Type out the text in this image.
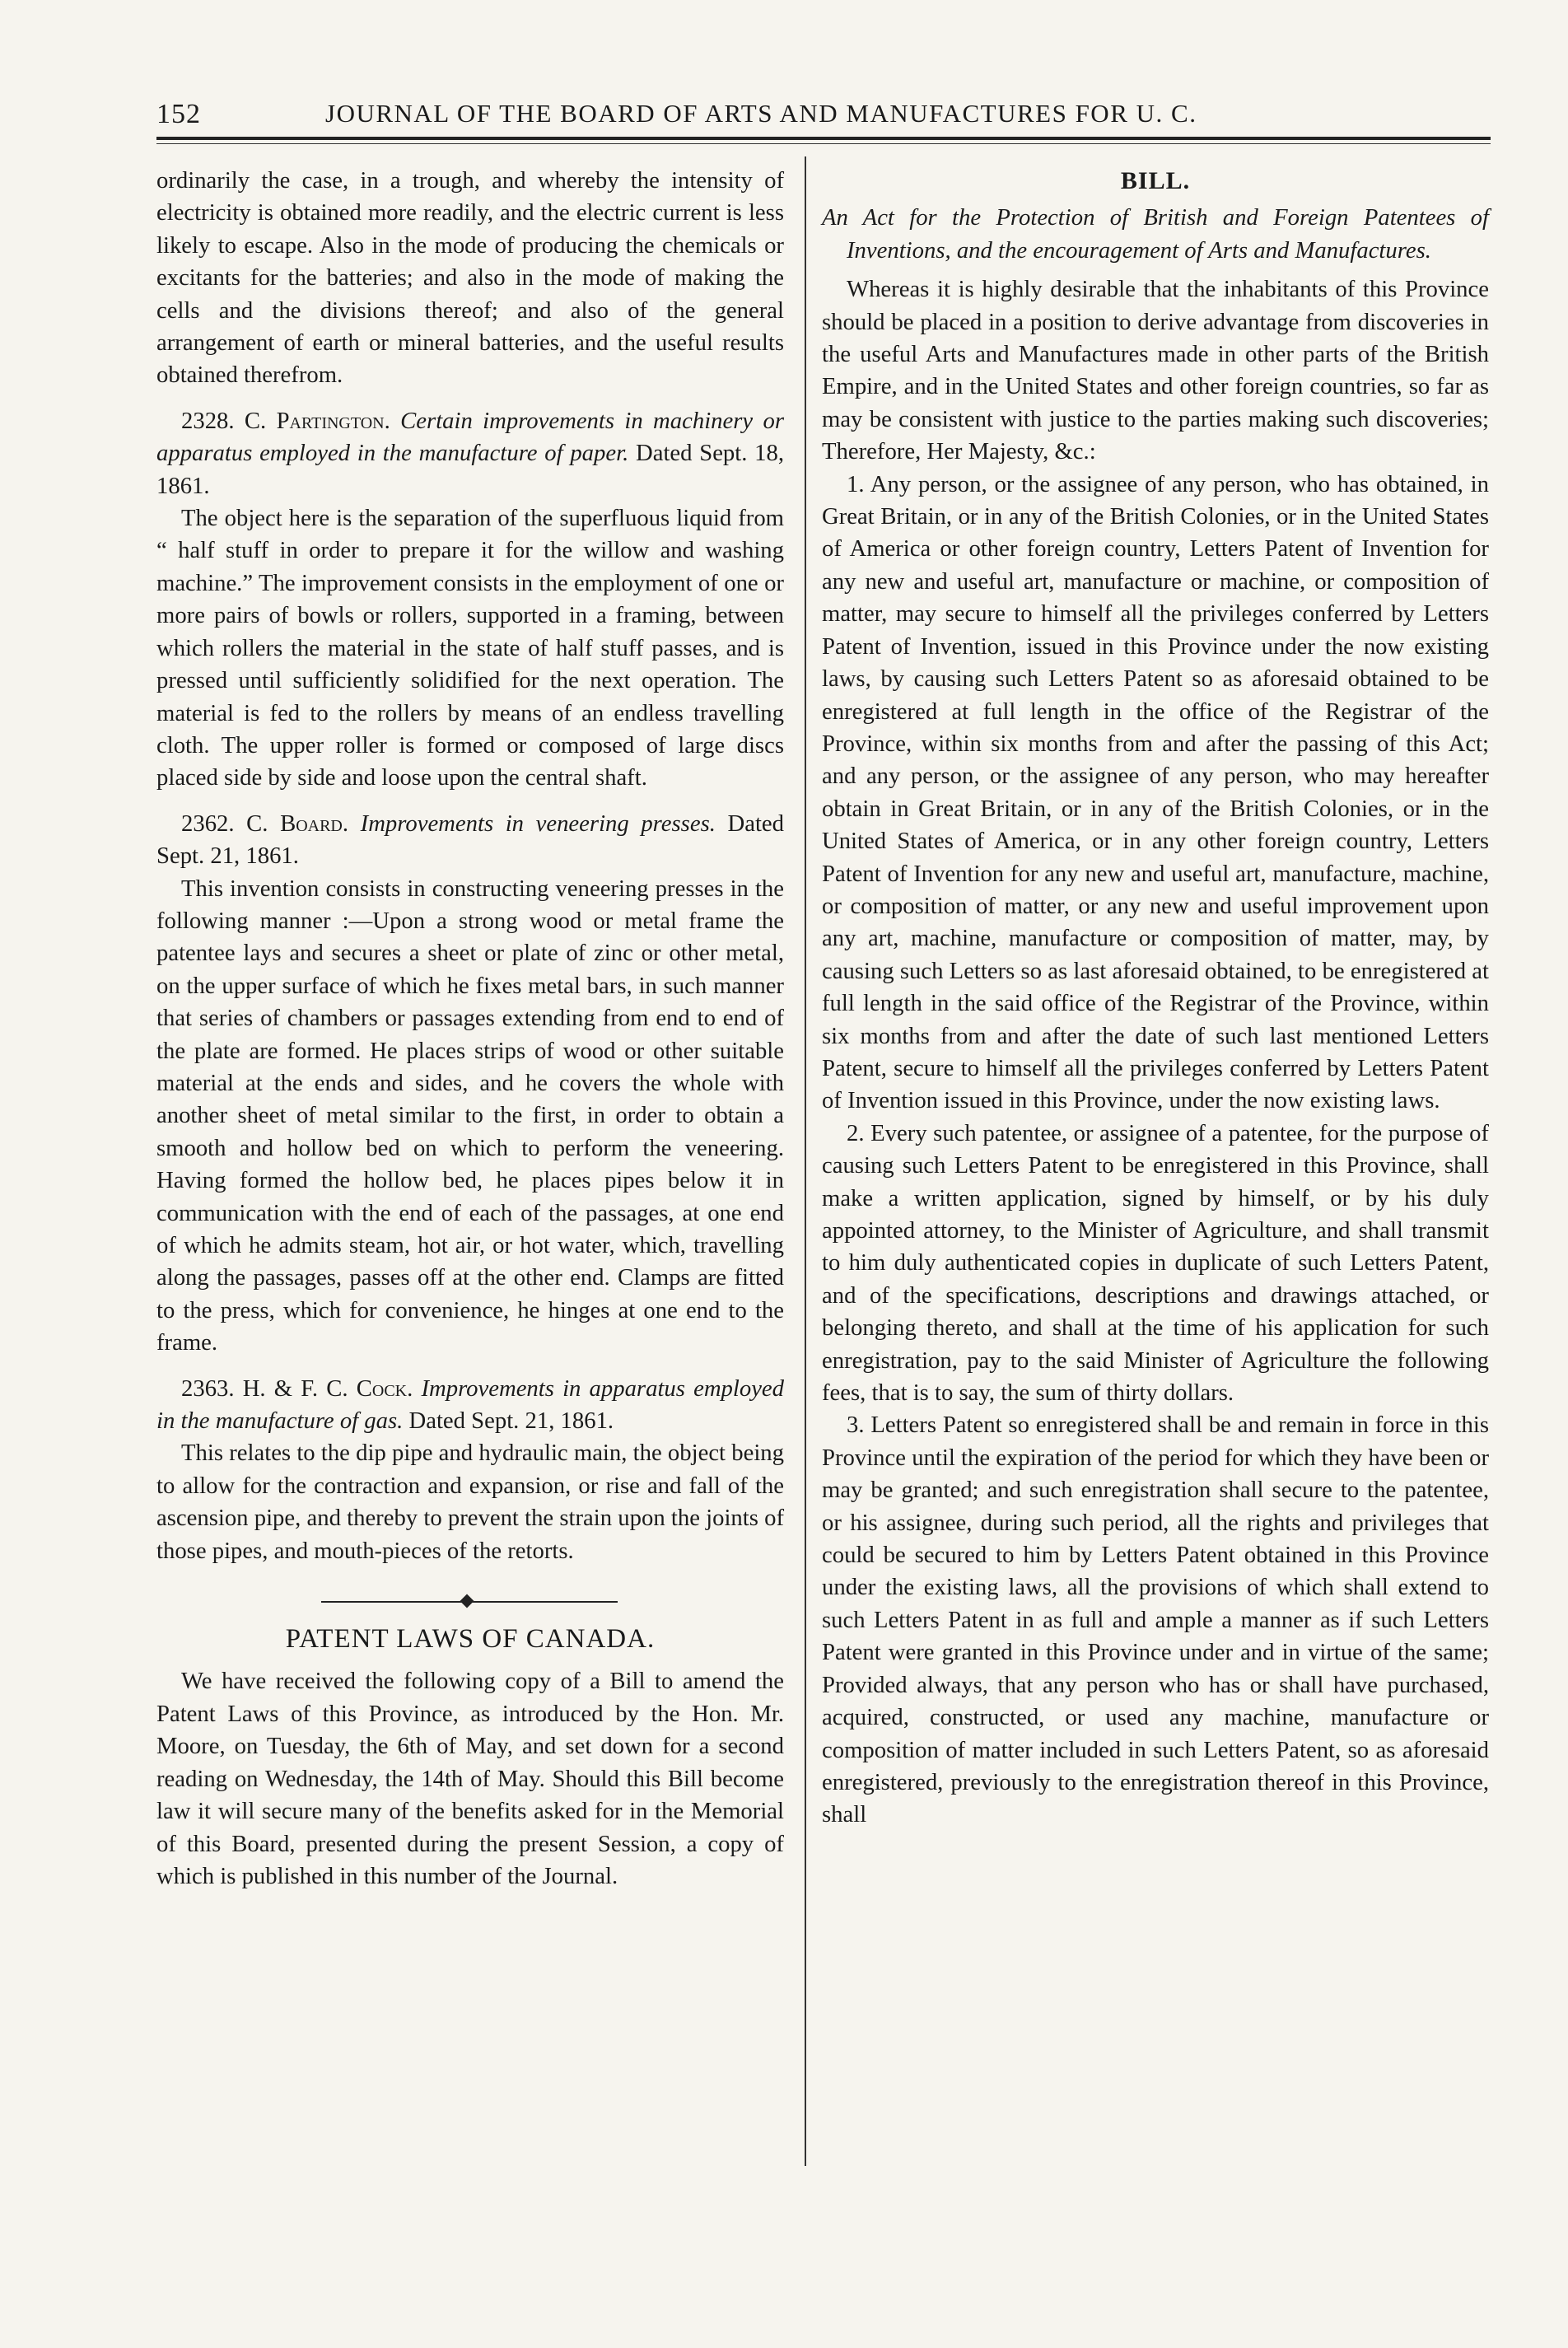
152	JOURNAL OF THE BOARD OF ARTS AND MANUFACTURES FOR U. C.

ordinarily the case, in a trough, and whereby the intensity of electricity is obtained more readily, and the electric current is less likely to escape. Also in the mode of producing the chemicals or excitants for the batteries; and also in the mode of making the cells and the divisions thereof; and also of the general arrangement of earth or mineral batteries, and the useful results obtained therefrom.

2328. C. Partington. Certain improvements in machinery or apparatus employed in the manufacture of paper. Dated Sept. 18, 1861.

The object here is the separation of the superfluous liquid from “ half stuff in order to prepare it for the willow and washing machine.” The improvement consists in the employment of one or more pairs of bowls or rollers, supported in a framing, between which rollers the material in the state of half stuff passes, and is pressed until sufficiently solidified for the next operation. The material is fed to the rollers by means of an endless travelling cloth. The upper roller is formed or composed of large discs placed side by side and loose upon the central shaft.

2362. C. Board. Improvements in veneering presses. Dated Sept. 21, 1861.

This invention consists in constructing veneering presses in the following manner :—Upon a strong wood or metal frame the patentee lays and secures a sheet or plate of zinc or other metal, on the upper surface of which he fixes metal bars, in such manner that series of chambers or passages extending from end to end of the plate are formed. He places strips of wood or other suitable material at the ends and sides, and he covers the whole with another sheet of metal similar to the first, in order to obtain a smooth and hollow bed on which to perform the veneering. Having formed the hollow bed, he places pipes below it in communication with the end of each of the passages, at one end of which he admits steam, hot air, or hot water, which, travelling along the passages, passes off at the other end. Clamps are fitted to the press, which for convenience, he hinges at one end to the frame.

2363. H. & F. C. Cock. Improvements in apparatus employed in the manufacture of gas. Dated Sept. 21, 1861.

This relates to the dip pipe and hydraulic main, the object being to allow for the contraction and expansion, or rise and fall of the ascension pipe, and thereby to prevent the strain upon the joints of those pipes, and mouth-pieces of the retorts.

PATENT LAWS OF CANADA.

We have received the following copy of a Bill to amend the Patent Laws of this Province, as introduced by the Hon. Mr. Moore, on Tuesday, the 6th of May, and set down for a second reading on Wednesday, the 14th of May. Should this Bill become law it will secure many of the benefits asked for in the Memorial of this Board, presented during the present Session, a copy of which is published in this number of the Journal.

BILL.

An Act for the Protection of British and Foreign Patentees of Inventions, and the encouragement of Arts and Manufactures.

Whereas it is highly desirable that the inhabitants of this Province should be placed in a position to derive advantage from discoveries in the useful Arts and Manufactures made in other parts of the British Empire, and in the United States and other foreign countries, so far as may be consistent with justice to the parties making such discoveries; Therefore, Her Majesty, &c.:

1. Any person, or the assignee of any person, who has obtained, in Great Britain, or in any of the British Colonies, or in the United States of America or other foreign country, Letters Patent of Invention for any new and useful art, manufacture or machine, or composition of matter, may secure to himself all the privileges conferred by Letters Patent of Invention, issued in this Province under the now existing laws, by causing such Letters Patent so as aforesaid obtained to be enregistered at full length in the office of the Registrar of the Province, within six months from and after the passing of this Act; and any person, or the assignee of any person, who may hereafter obtain in Great Britain, or in any of the British Colonies, or in the United States of America, or in any other foreign country, Letters Patent of Invention for any new and useful art, manufacture, machine, or composition of matter, or any new and useful improvement upon any art, machine, manufacture or composition of matter, may, by causing such Letters so as last aforesaid obtained, to be enregistered at full length in the said office of the Registrar of the Province, within six months from and after the date of such last mentioned Letters Patent, secure to himself all the privileges conferred by Letters Patent of Invention issued in this Province, under the now existing laws.

2. Every such patentee, or assignee of a patentee, for the purpose of causing such Letters Patent to be enregistered in this Province, shall make a written application, signed by himself, or by his duly appointed attorney, to the Minister of Agriculture, and shall transmit to him duly authenticated copies in duplicate of such Letters Patent, and of the specifications, descriptions and drawings attached, or belonging thereto, and shall at the time of his application for such enregistration, pay to the said Minister of Agriculture the following fees, that is to say, the sum of thirty dollars.

3. Letters Patent so enregistered shall be and remain in force in this Province until the expiration of the period for which they have been or may be granted; and such enregistration shall secure to the patentee, or his assignee, during such period, all the rights and privileges that could be secured to him by Letters Patent obtained in this Province under the existing laws, all the provisions of which shall extend to such Letters Patent in as full and ample a manner as if such Letters Patent were granted in this Province under and in virtue of the same; Provided always, that any person who has or shall have purchased, acquired, constructed, or used any machine, manufacture or composition of matter included in such Letters Patent, so as aforesaid enregistered, previously to the enregistration thereof in this Province, shall
